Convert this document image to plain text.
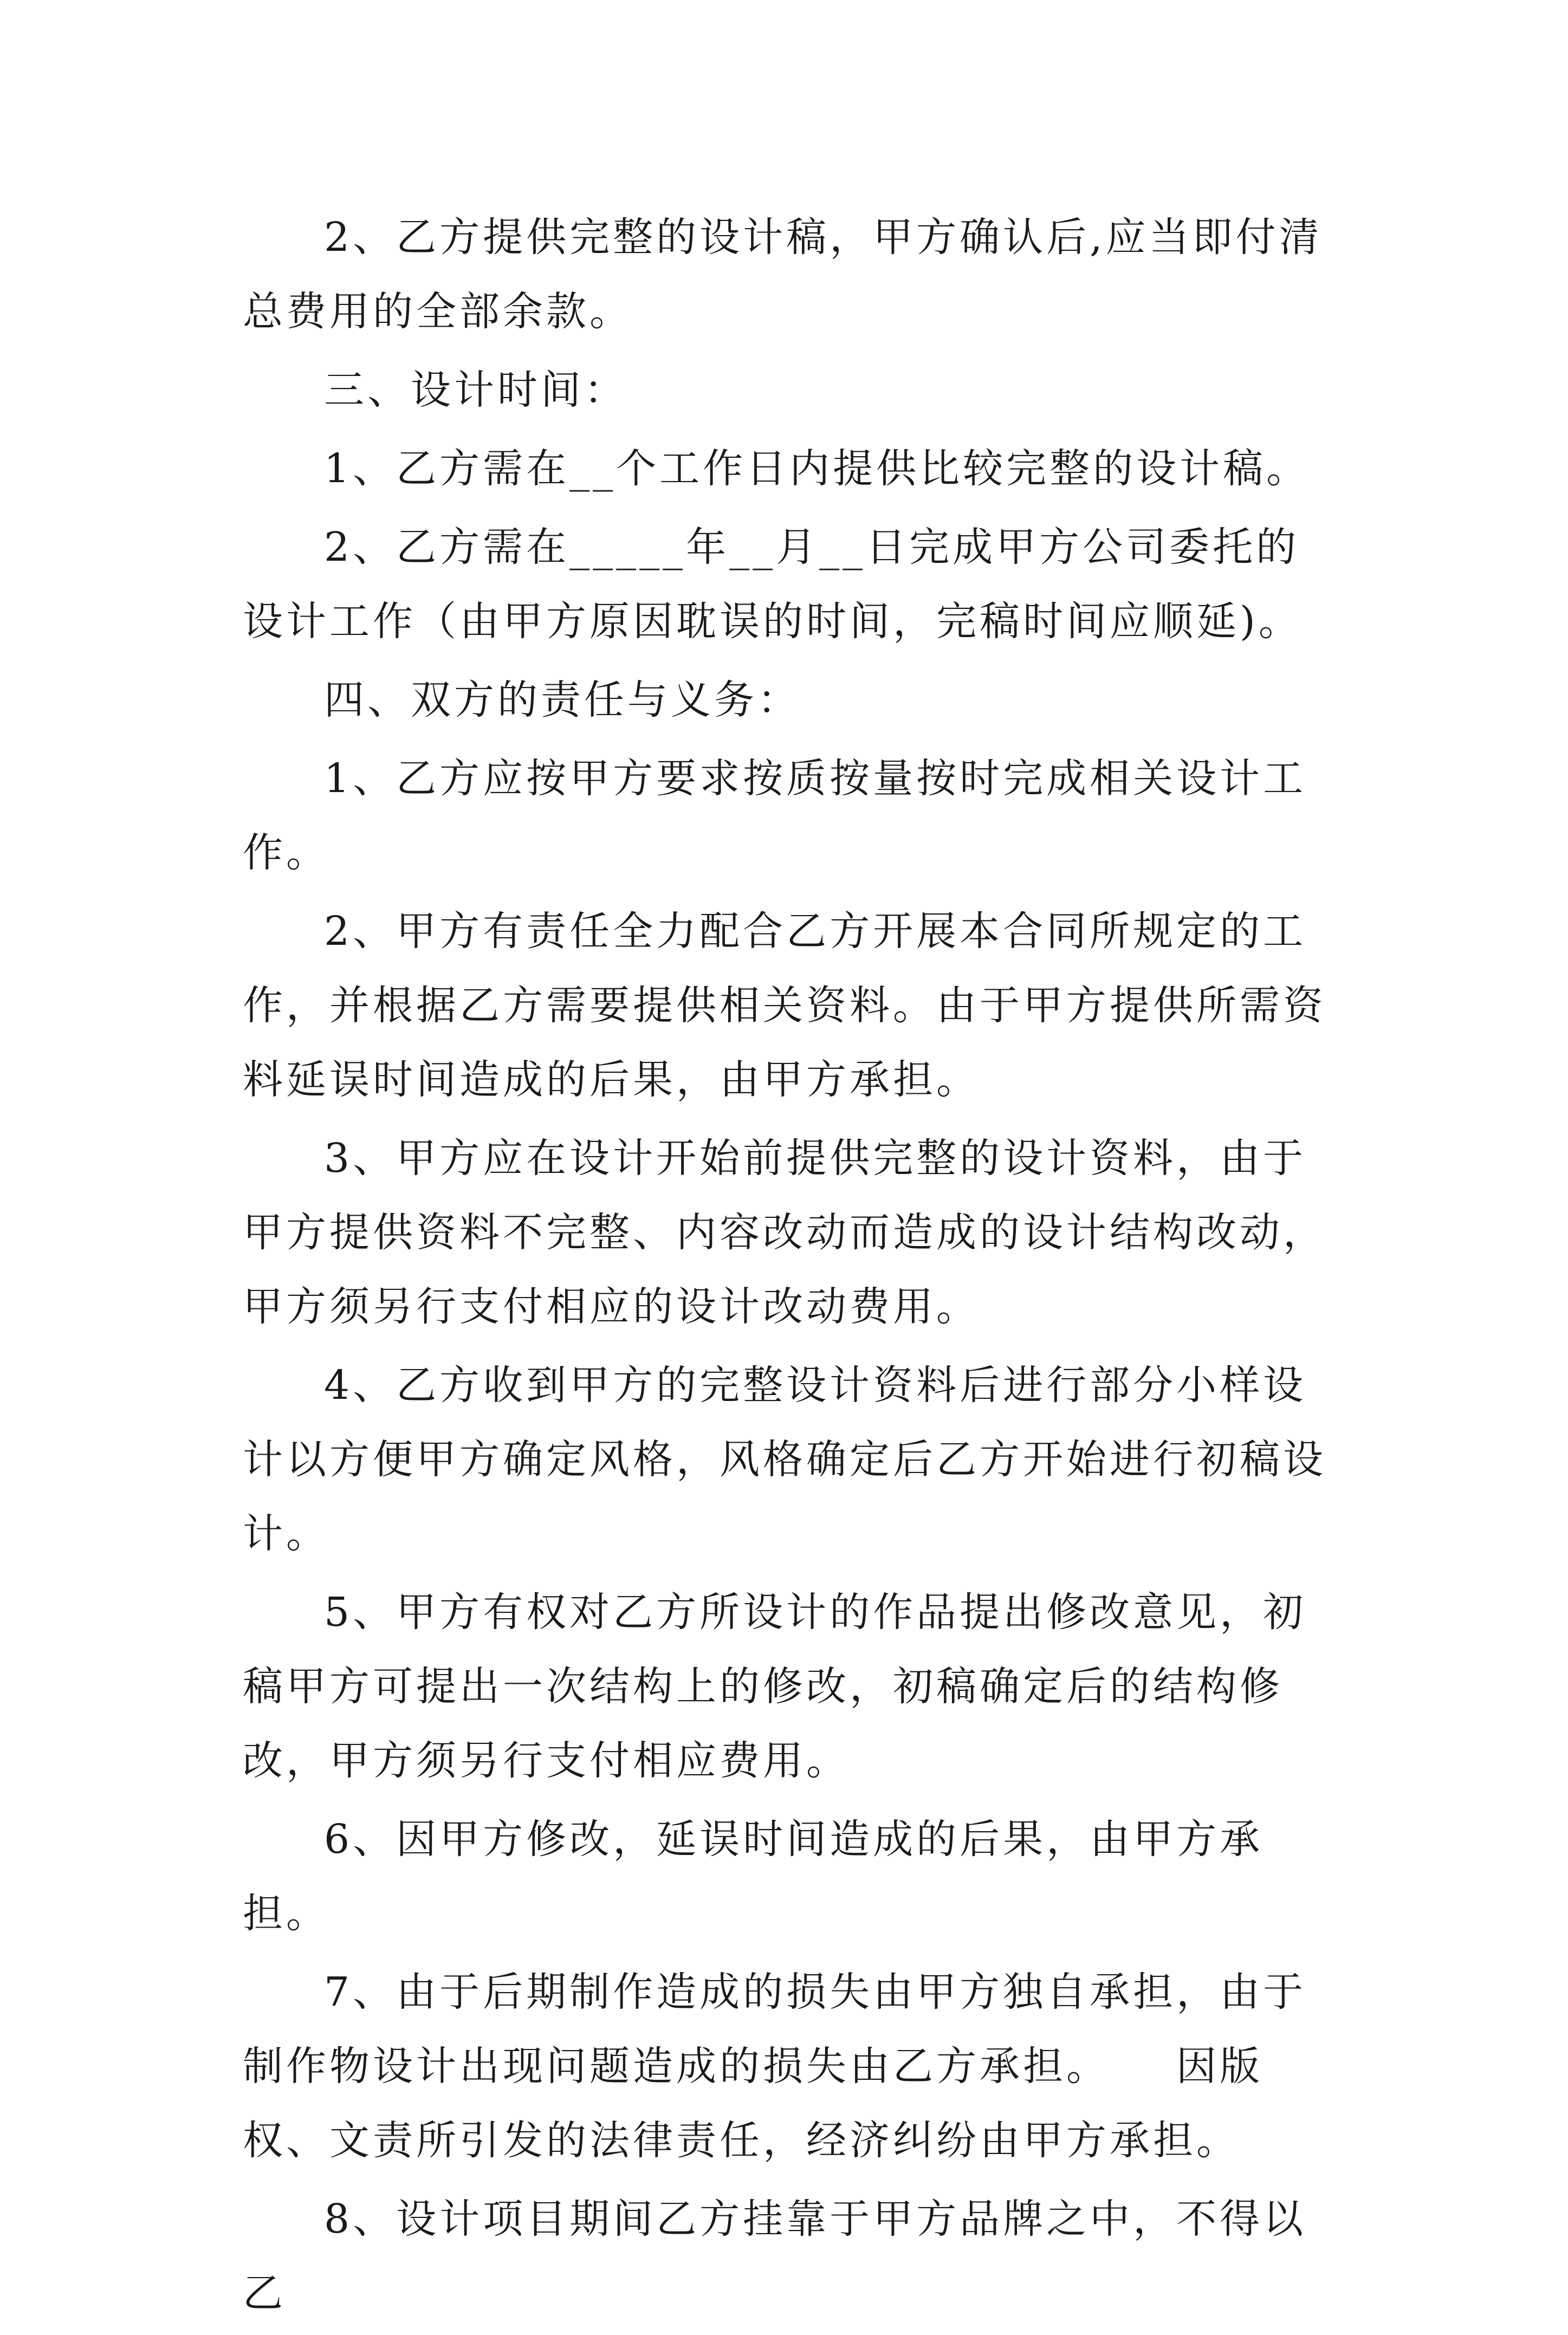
2、乙方提供完整的设计稿，甲方确认后,应当即付清总费用的全部余款。

三、设计时间：

1、乙方需在__个工作日内提供比较完整的设计稿。

2、乙方需在_____年__月__日完成甲方公司委托的设计工作（由甲方原因耽误的时间，完稿时间应顺延)。

四、双方的责任与义务：

1、乙方应按甲方要求按质按量按时完成相关设计工作。

2、甲方有责任全力配合乙方开展本合同所规定的工作，并根据乙方需要提供相关资料。由于甲方提供所需资料延误时间造成的后果，由甲方承担。

3、甲方应在设计开始前提供完整的设计资料，由于甲方提供资料不完整、内容改动而造成的设计结构改动，甲方须另行支付相应的设计改动费用。

4、乙方收到甲方的完整设计资料后进行部分小样设计以方便甲方确定风格，风格确定后乙方开始进行初稿设计。

5、甲方有权对乙方所设计的作品提出修改意见，初稿甲方可提出一次结构上的修改，初稿确定后的结构修改，甲方须另行支付相应费用。

6、因甲方修改，延误时间造成的后果，由甲方承担。

7、由于后期制作造成的损失由甲方独自承担，由于制作物设计出现问题造成的损失由乙方承担。　　因版权、文责所引发的法律责任，经济纠纷由甲方承担。

8、设计项目期间乙方挂靠于甲方品牌之中，不得以乙
